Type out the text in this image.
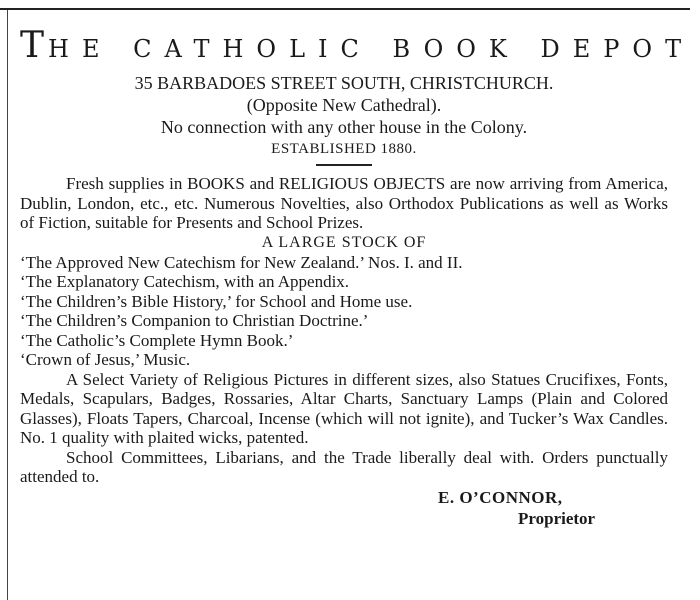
THE CATHOLIC BOOK DEPOT
35 BARBADOES STREET SOUTH, CHRISTCHURCH.
(Opposite New Cathedral).
No connection with any other house in the Colony.
ESTABLISHED 1880.

Fresh supplies in BOOKS and RELIGIOUS OBJECTS are now arriving from America, Dublin, London, etc., etc. Numerous Novelties, also Orthodox Publications as well as Works of Fiction, suitable for Presents and School Prizes.

A LARGE STOCK OF

‘The Approved New Catechism for New Zealand.’ Nos. I. and II.
‘The Explanatory Catechism, with an Appendix.
‘The Children’s Bible History,’ for School and Home use.
‘The Children’s Companion to Christian Doctrine.’
‘The Catholic’s Complete Hymn Book.’
‘Crown of Jesus,’ Music.

A Select Variety of Religious Pictures in different sizes, also Statues Crucifixes, Fonts, Medals, Scapulars, Badges, Rossaries, Altar Charts, Sanctuary Lamps (Plain and Colored Glasses), Floats Tapers, Charcoal, Incense (which will not ignite), and Tucker’s Wax Candles. No. 1 quality with plaited wicks, patented.

School Committees, Libarians, and the Trade liberally deal with. Orders punctually attended to.

E. O’CONNOR,
Proprietor
